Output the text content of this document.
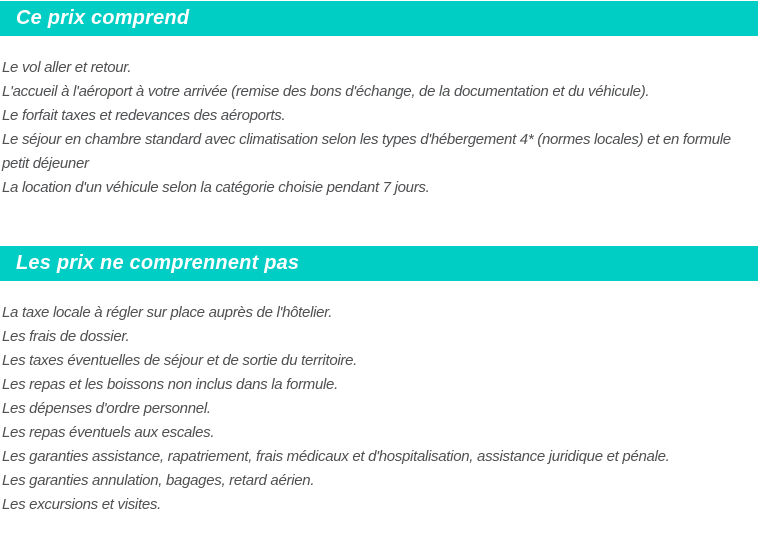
Ce prix comprend

Le vol aller et retour.

L'accueil à l'aéroport à votre arrivée (remise des bons d'échange, de la documentation et du véhicule).

Le forfait taxes et redevances des aéroports.

Le séjour en chambre standard avec climatisation selon les types d'hébergement 4* (normes locales) et en formule petit déjeuner

La location d'un véhicule selon la catégorie choisie pendant 7 jours.

Les prix ne comprennent pas

La taxe locale à régler sur place auprès de l'hôtelier.

Les frais de dossier.

Les taxes éventuelles de séjour et de sortie du territoire.

Les repas et les boissons non inclus dans la formule.

Les dépenses d'ordre personnel.

Les repas éventuels aux escales.

Les garanties assistance, rapatriement, frais médicaux et d'hospitalisation, assistance juridique et pénale.

Les garanties annulation, bagages, retard aérien.

Les excursions et visites.
